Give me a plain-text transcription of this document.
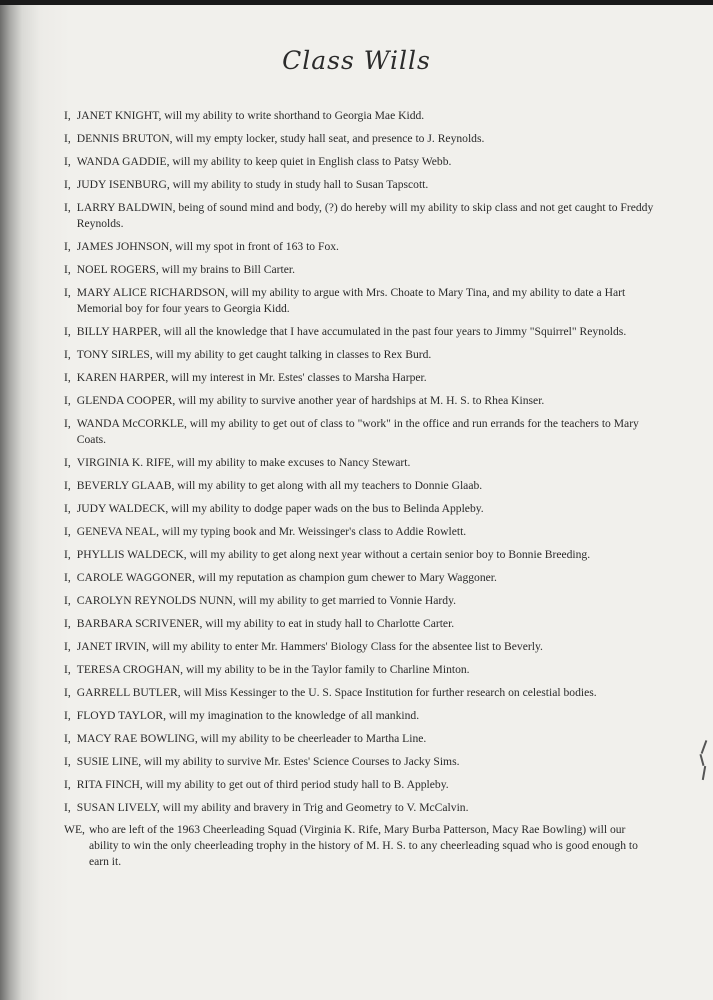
Class Wills
I, JANET KNIGHT, will my ability to write shorthand to Georgia Mae Kidd.
I, DENNIS BRUTON, will my empty locker, study hall seat, and presence to J. Reynolds.
I, WANDA GADDIE, will my ability to keep quiet in English class to Patsy Webb.
I, JUDY ISENBURG, will my ability to study in study hall to Susan Tapscott.
I, LARRY BALDWIN, being of sound mind and body, (?) do hereby will my ability to skip class and not get caught to Freddy Reynolds.
I, JAMES JOHNSON, will my spot in front of 163 to Fox.
I, NOEL ROGERS, will my brains to Bill Carter.
I, MARY ALICE RICHARDSON, will my ability to argue with Mrs. Choate to Mary Tina, and my ability to date a Hart Memorial boy for four years to Georgia Kidd.
I, BILLY HARPER, will all the knowledge that I have accumulated in the past four years to Jimmy "Squirrel" Reynolds.
I, TONY SIRLES, will my ability to get caught talking in classes to Rex Burd.
I, KAREN HARPER, will my interest in Mr. Estes' classes to Marsha Harper.
I, GLENDA COOPER, will my ability to survive another year of hardships at M. H. S. to Rhea Kinser.
I, WANDA McCORKLE, will my ability to get out of class to "work" in the office and run errands for the teachers to Mary Coats.
I, VIRGINIA K. RIFE, will my ability to make excuses to Nancy Stewart.
I, BEVERLY GLAAB, will my ability to get along with all my teachers to Donnie Glaab.
I, JUDY WALDECK, will my ability to dodge paper wads on the bus to Belinda Appleby.
I, GENEVA NEAL, will my typing book and Mr. Weissinger's class to Addie Rowlett.
I, PHYLLIS WALDECK, will my ability to get along next year without a certain senior boy to Bonnie Breeding.
I, CAROLE WAGGONER, will my reputation as champion gum chewer to Mary Waggoner.
I, CAROLYN REYNOLDS NUNN, will my ability to get married to Vonnie Hardy.
I, BARBARA SCRIVENER, will my ability to eat in study hall to Charlotte Carter.
I, JANET IRVIN, will my ability to enter Mr. Hammers' Biology Class for the absentee list to Beverly.
I, TERESA CROGHAN, will my ability to be in the Taylor family to Charline Minton.
I, GARRELL BUTLER, will Miss Kessinger to the U. S. Space Institution for further research on celestial bodies.
I, FLOYD TAYLOR, will my imagination to the knowledge of all mankind.
I, MACY RAE BOWLING, will my ability to be cheerleader to Martha Line.
I, SUSIE LINE, will my ability to survive Mr. Estes' Science Courses to Jacky Sims.
I, RITA FINCH, will my ability to get out of third period study hall to B. Appleby.
I, SUSAN LIVELY, will my ability and bravery in Trig and Geometry to V. McCalvin.
WE, who are left of the 1963 Cheerleading Squad (Virginia K. Rife, Mary Burba Patterson, Macy Rae Bowling) will our ability to win the only cheerleading trophy in the history of M. H. S. to any cheerleading squad who is good enough to earn it.
